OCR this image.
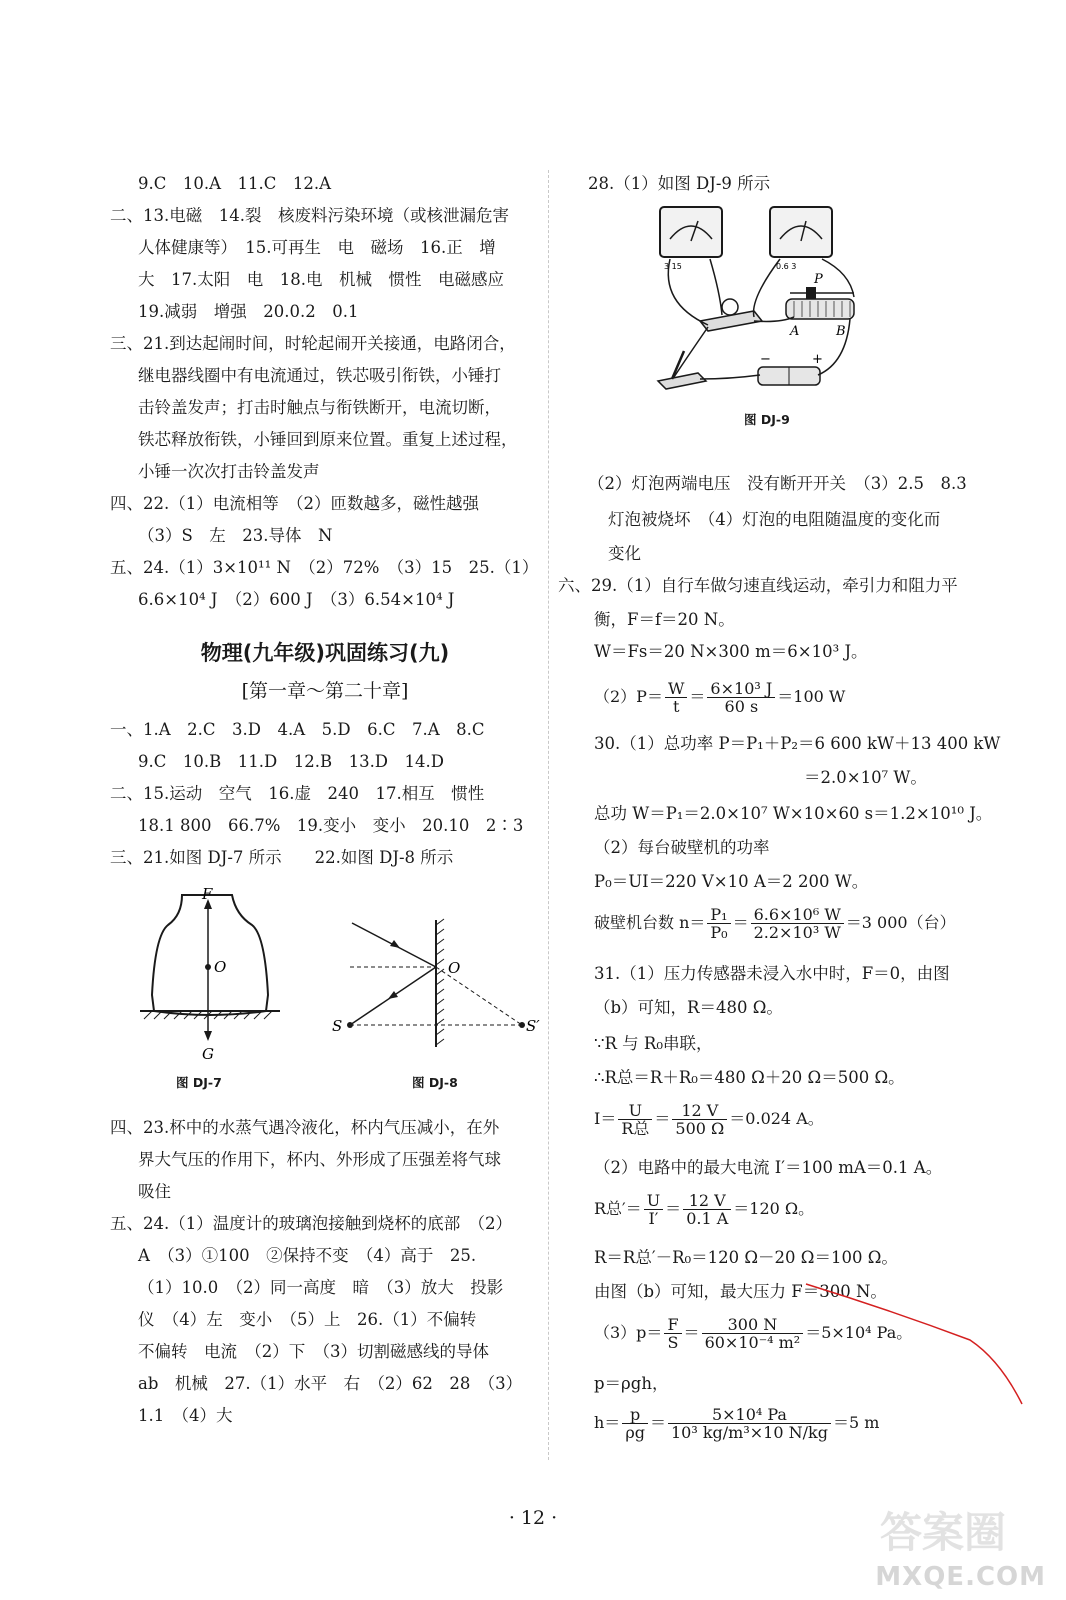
9.C　10.A　11.C　12.A
二、13.电磁　14.裂　核废料污染环境（或核泄漏危害
人体健康等）　15.可再生　电　磁场　16.正　增
大　17.太阳　电　18.电　机械　惯性　电磁感应
19.减弱　增强　20.0.2　0.1
三、21.到达起闹时间，时轮起闹开关接通，电路闭合，
继电器线圈中有电流通过，铁芯吸引衔铁，小锤打
击铃盖发声；打击时触点与衔铁断开，电流切断，
铁芯释放衔铁，小锤回到原来位置。重复上述过程，
小锤一次次打击铃盖发声
四、22.（1）电流相等　（2）匝数越多，磁性越强
（3）S　左　23.导体　N
五、24.（1）3×10¹¹ N　（2）72%　（3）15　25.（1）
6.6×10⁴ J　（2）600 J　（3）6.54×10⁴ J
物理(九年级)巩固练习(九)
[第一章～第二十章]
一、1.A　2.C　3.D　4.A　5.D　6.C　7.A　8.C
9.C　10.B　11.D　12.B　13.D　14.D
二、15.运动　空气　16.虚　240　17.相互　惯性
18.1 800　66.7%　19.变小　变小　20.10　2∶3
三、21.如图 DJ-7 所示　　22.如图 DJ-8 所示
F
O
G
图 DJ-7
O
S	S′
图 DJ-8
四、23.杯中的水蒸气遇冷液化，杯内气压减小，在外
界大气压的作用下，杯内、外形成了压强差将气球
吸住
五、24.（1）温度计的玻璃泡接触到烧杯的底部　（2）
A　（3）①100　②保持不变　（4）高于　25.
（1）10.0　（2）同一高度　暗　（3）放大　投影
仪　（4）左　变小　（5）上　26.（1）不偏转
不偏转　电流　（2）下　（3）切割磁感线的导体
ab　机械　27.（1）水平　右　（2）62　28　（3）
1.1　（4）大
28.（1）如图 DJ-9 所示
3 15	0.6 3
P
A	B
−	+
图 DJ-9
（2）灯泡两端电压　没有断开开关　（3）2.5　8.3
灯泡被烧坏　（4）灯泡的电阻随温度的变化而
变化
六、29.（1）自行车做匀速直线运动，牵引力和阻力平
衡，F＝f＝20 N。
W＝Fs＝20 N×300 m＝6×10³ J。
$(2)P= \frac{W}{t} = \frac{\text{6×10³ J}}{60 s} =100$ W
30.（1）总功率 P＝P₁＋P₂＝6 600 kW＋13 400 kW
＝2.0×10⁷ W。
总功 W＝P₁＝2.0×10⁷ W×10×60 s＝1.2×10¹⁰ J。
（2）每台破壁机的功率
P₀＝UI＝220 V×10 A＝2 200 W。
破壁机台数 $n= \frac{\text{P₁}}{\text{P₀}} = \frac{\text{6.6×10⁶ W}}{\text{2.2×10³ W}} =3$ 000（台）
31.（1）压力传感器未浸入水中时，F＝0，由图
（b）可知，R＝480 Ω。
∵R 与 R₀串联，
∴R总＝R＋R₀＝480 Ω＋20 Ω＝500 Ω。
$I= \frac{U}{\text{R总}} = \frac{12 V}{500 \Omega} =0.024$ A。
（2）电路中的最大电流 I′＝100 mA＝0.1 A。
R总′＝ $\frac{U}{I'} = \frac{12 V}{0.1 A} =120$ Ω。
R＝R总′－R₀＝120 Ω－20 Ω＝100 Ω。
由图（b）可知，最大压力 F＝300 N。
$(3)p= \frac{F}{S} = \frac{300 N}{\text{60×10⁻⁴ m²}} =5\times 10^4$ Pa。
p＝ρgh，
$h= \frac{p}{\rho g} = \frac{\text{5×10⁴ Pa}}{\text{10³ kg/m³×10 N/kg}} =5$ m
· 12 ·	答案圈
MXQE.COM
